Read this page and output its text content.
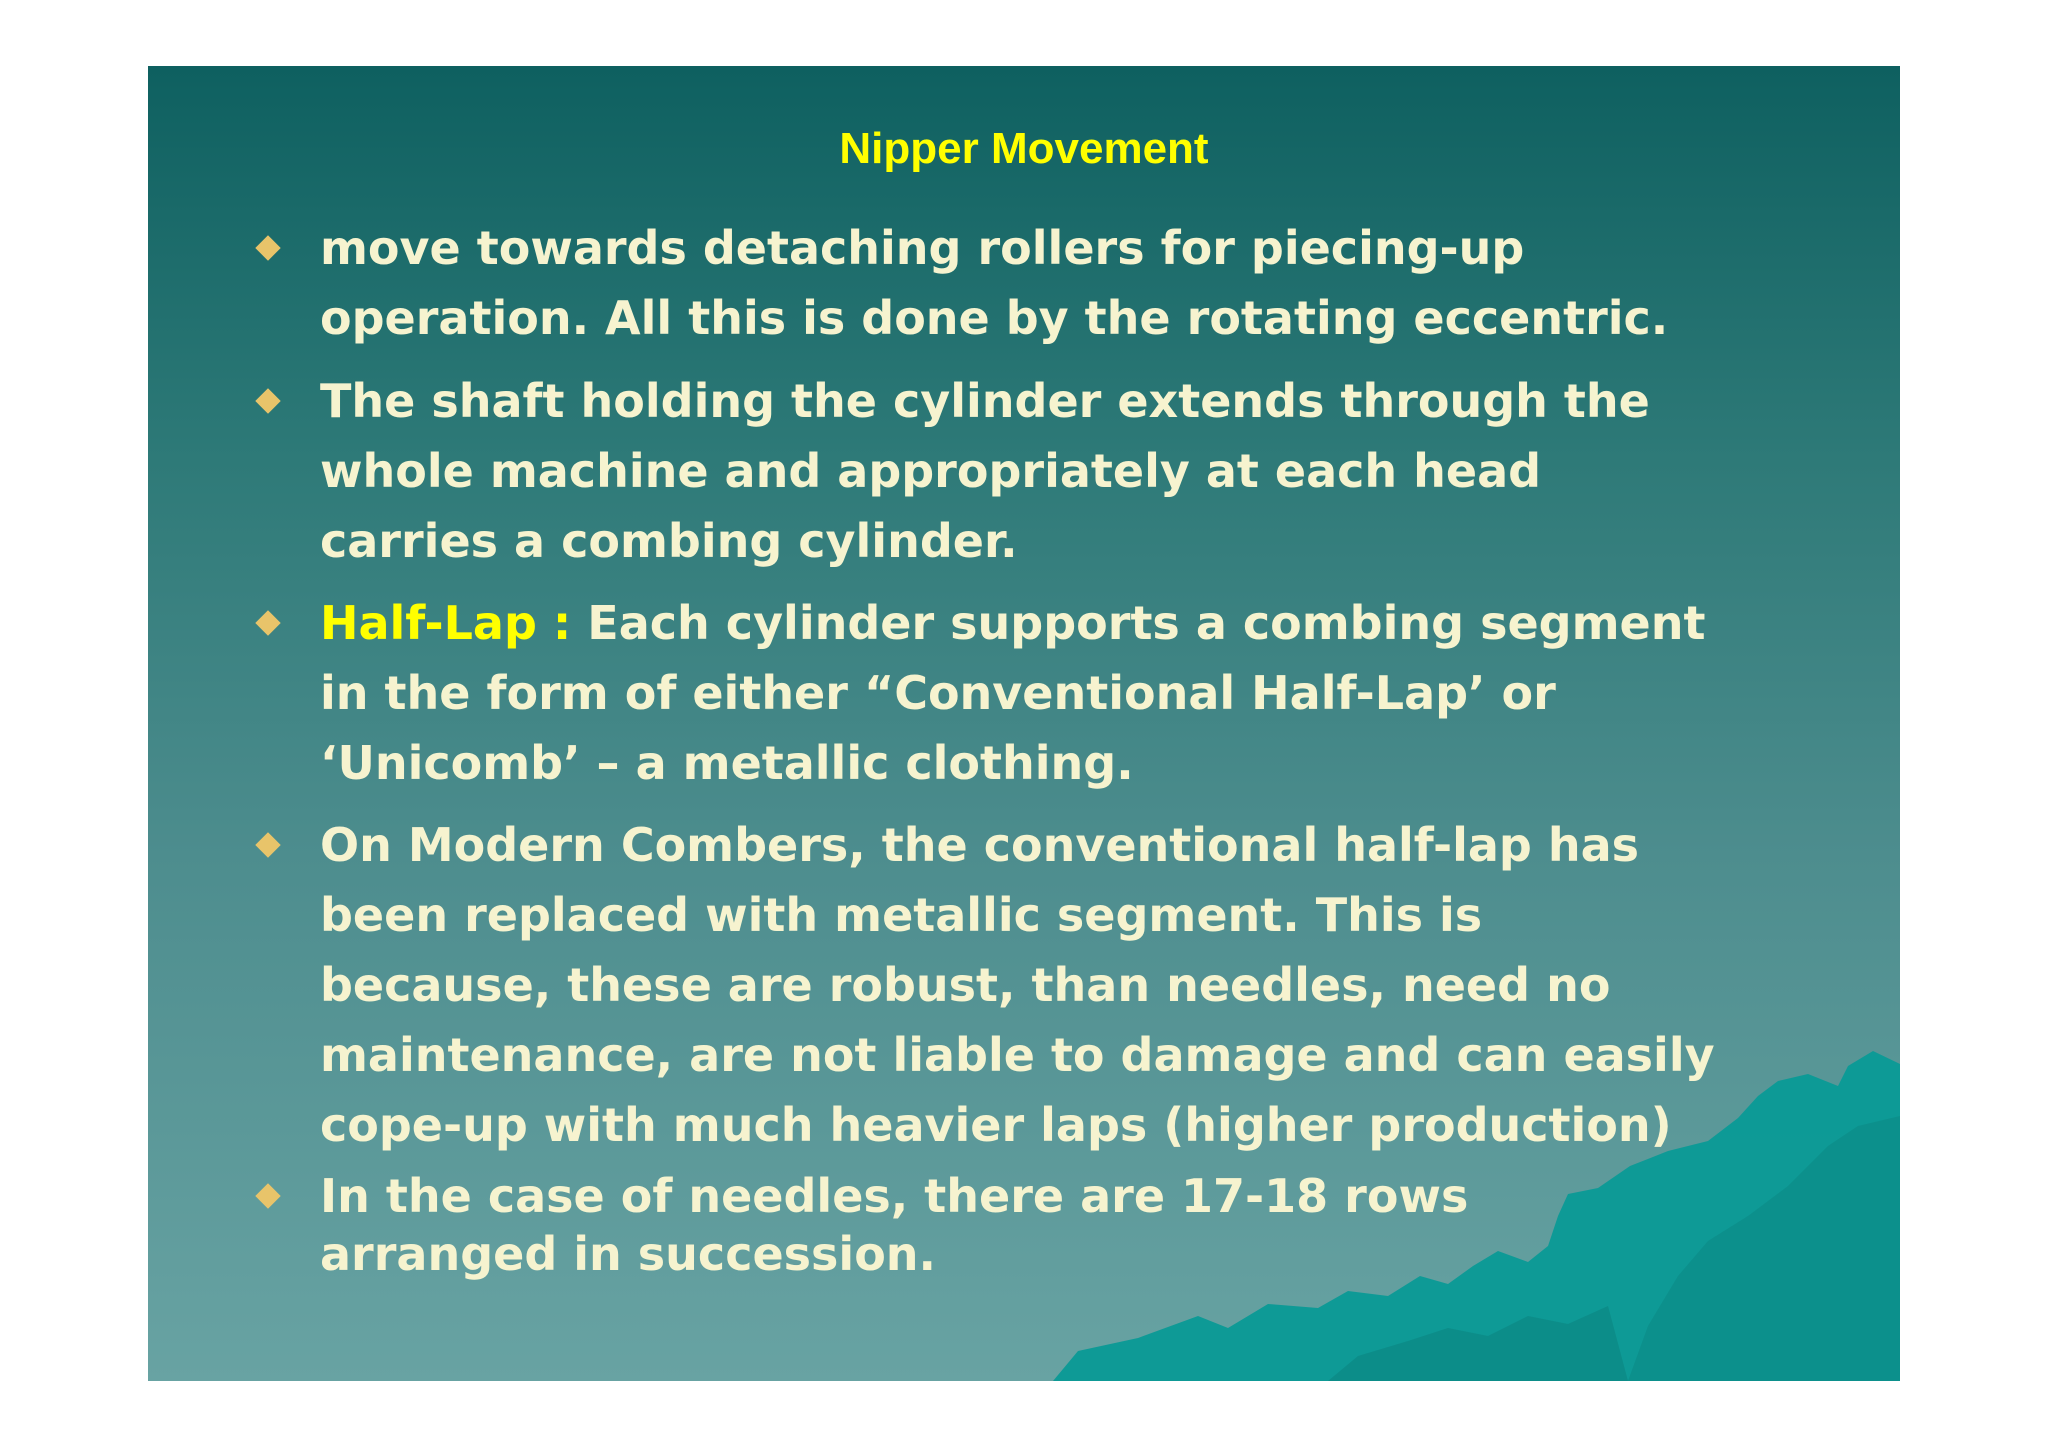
Nipper Movement
move towards detaching rollers for piecing-up
operation. All this is done by the rotating eccentric.
The shaft holding the cylinder extends through the
whole machine and appropriately at each head
carries a combing cylinder.
Half-Lap : Each cylinder supports a combing segment
in the form of either “Conventional Half-Lap’ or
‘Unicomb’ – a metallic clothing.
On Modern Combers, the conventional half-lap has
been replaced with metallic segment. This is
because, these are robust, than needles, need no
maintenance, are not liable to damage and can easily
cope-up with much heavier laps (higher production)
In the case of needles, there are 17-18 rows
arranged in succession.
